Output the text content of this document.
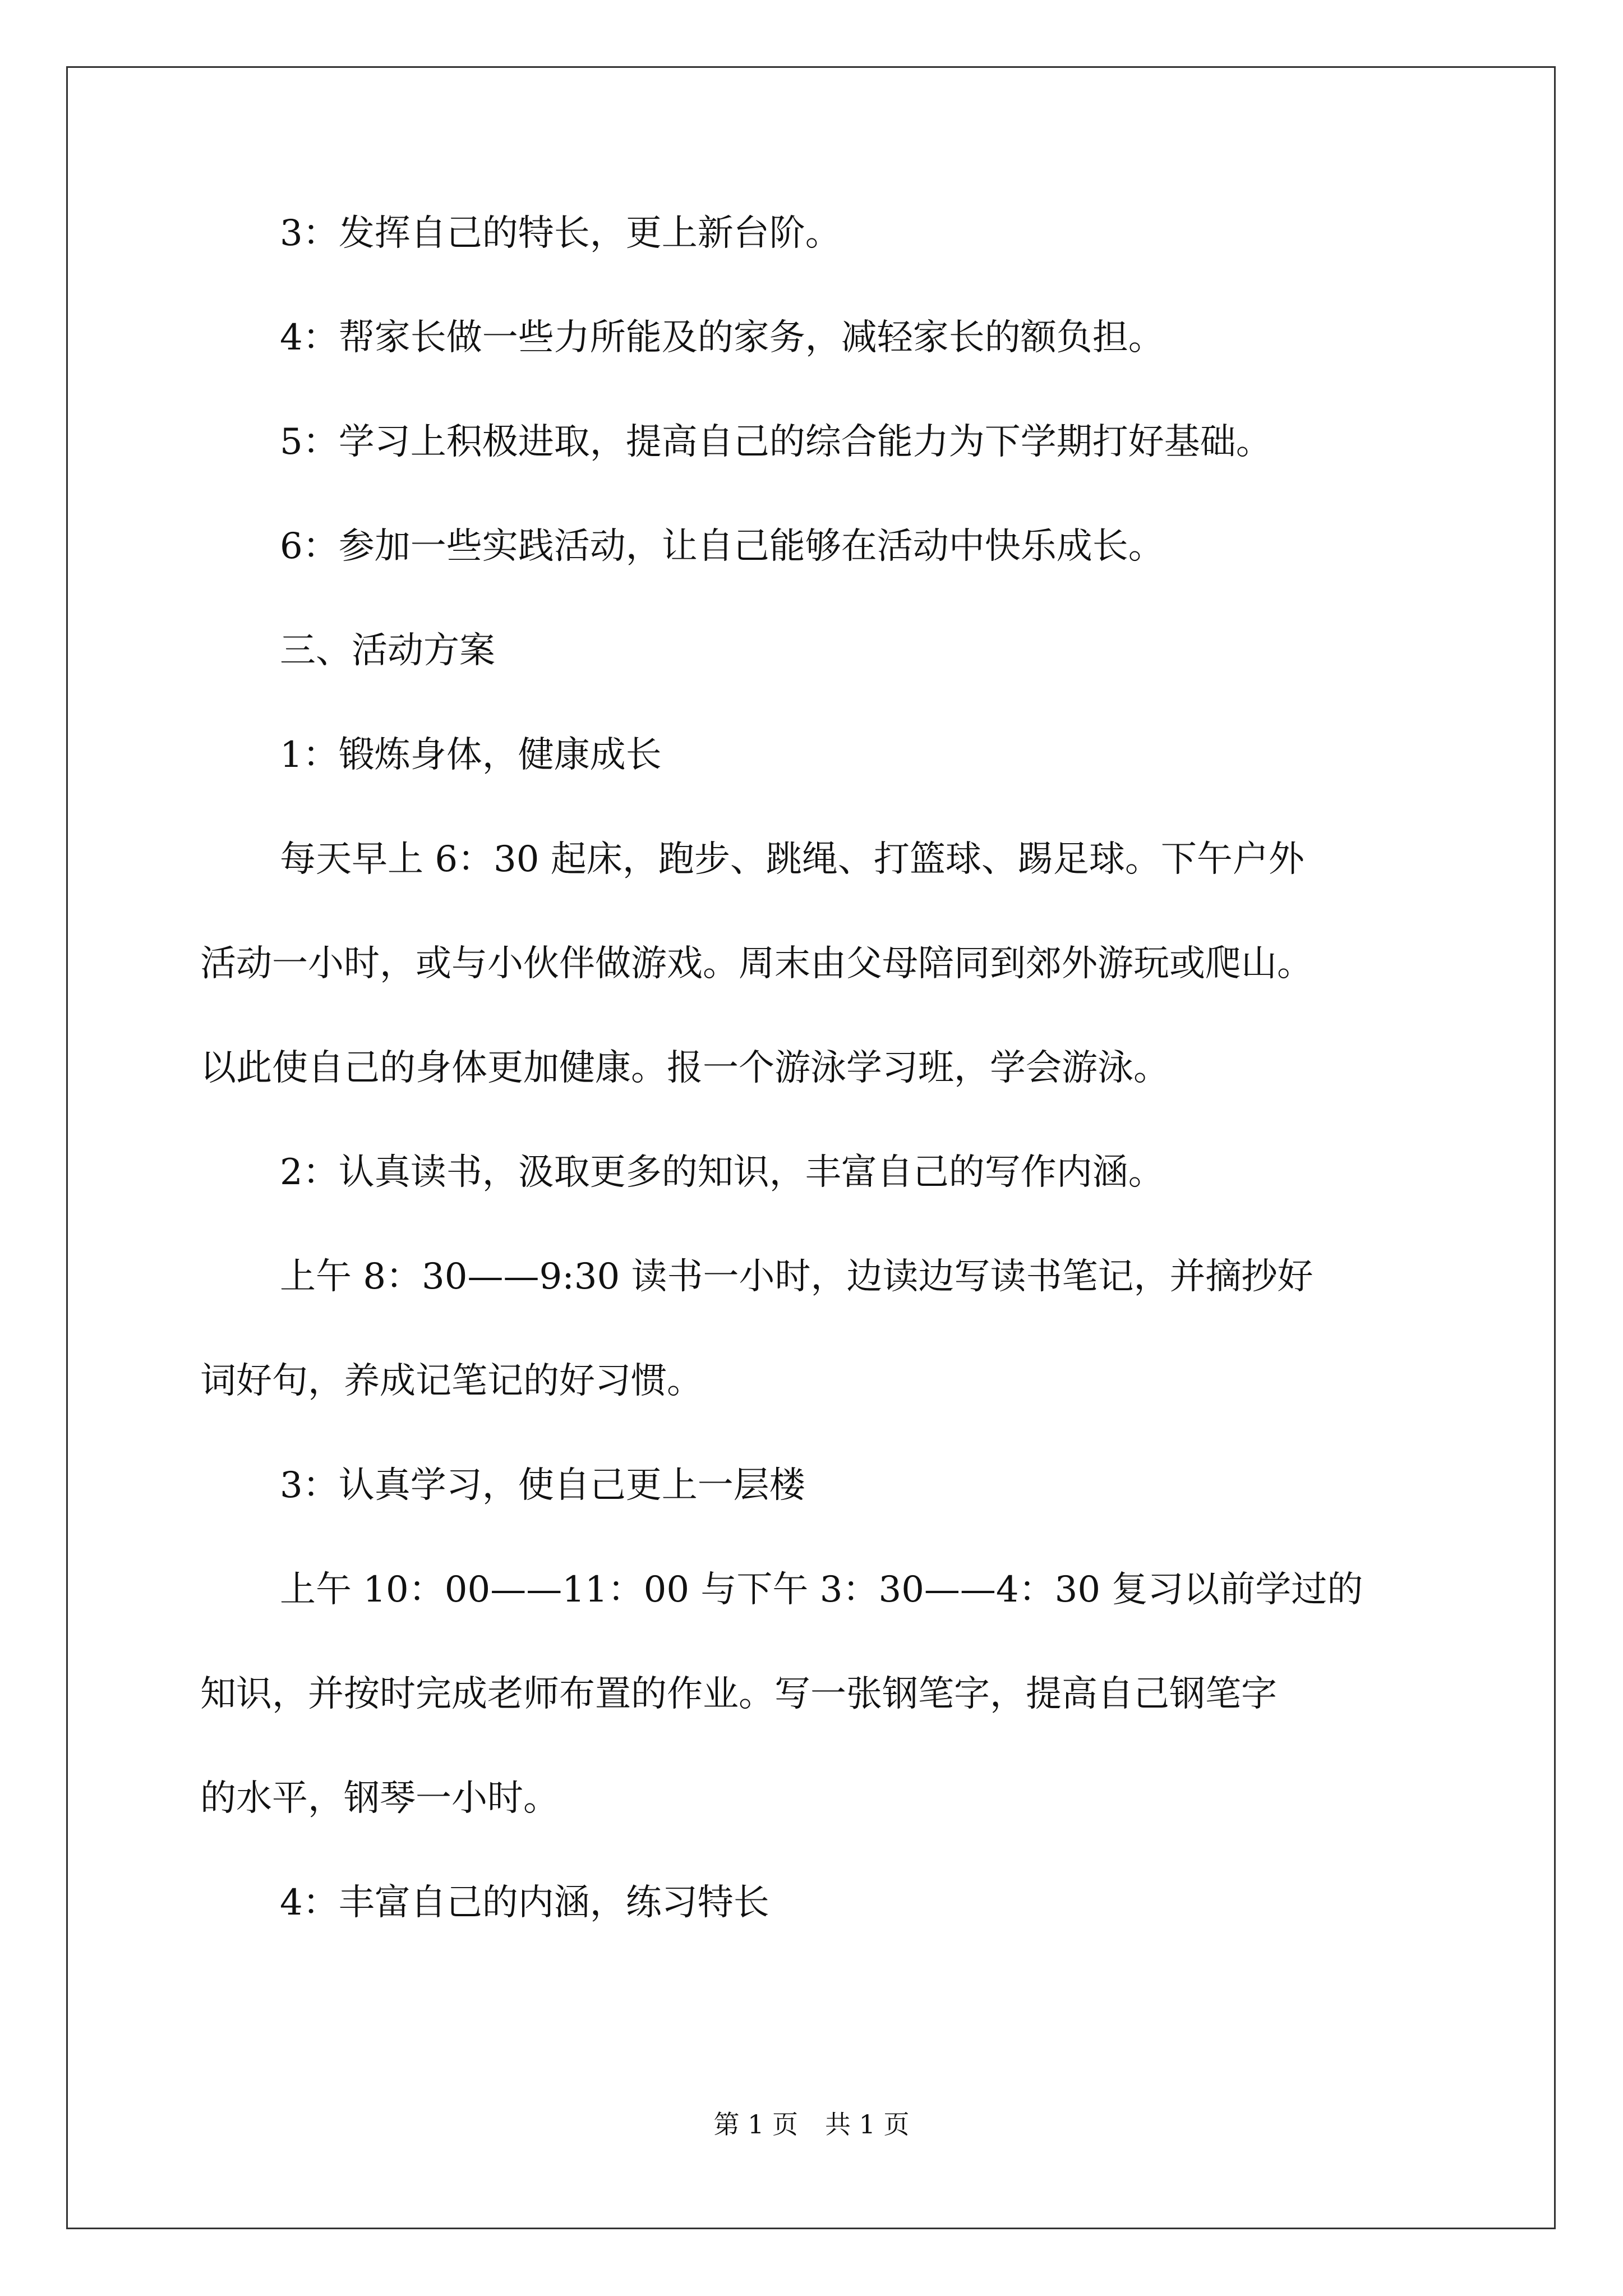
3：发挥自己的特长，更上新台阶。

4：帮家长做一些力所能及的家务，减轻家长的额负担。

5：学习上积极进取，提高自己的综合能力为下学期打好基础。

6：参加一些实践活动，让自己能够在活动中快乐成长。

三、活动方案

1：锻炼身体，健康成长

每天早上 6：30 起床，跑步、跳绳、打篮球、踢足球。下午户外

活动一小时，或与小伙伴做游戏。周末由父母陪同到郊外游玩或爬山。

以此使自己的身体更加健康。报一个游泳学习班，学会游泳。

2：认真读书，汲取更多的知识，丰富自己的写作内涵。

上午 8：30——9:30 读书一小时，边读边写读书笔记，并摘抄好

词好句，养成记笔记的好习惯。

3：认真学习，使自己更上一层楼

上午 10：00——11：00 与下午 3：30——4：30 复习以前学过的

知识，并按时完成老师布置的作业。写一张钢笔字，提高自己钢笔字

的水平，钢琴一小时。

4：丰富自己的内涵，练习特长

第 1 页 共 1 页
